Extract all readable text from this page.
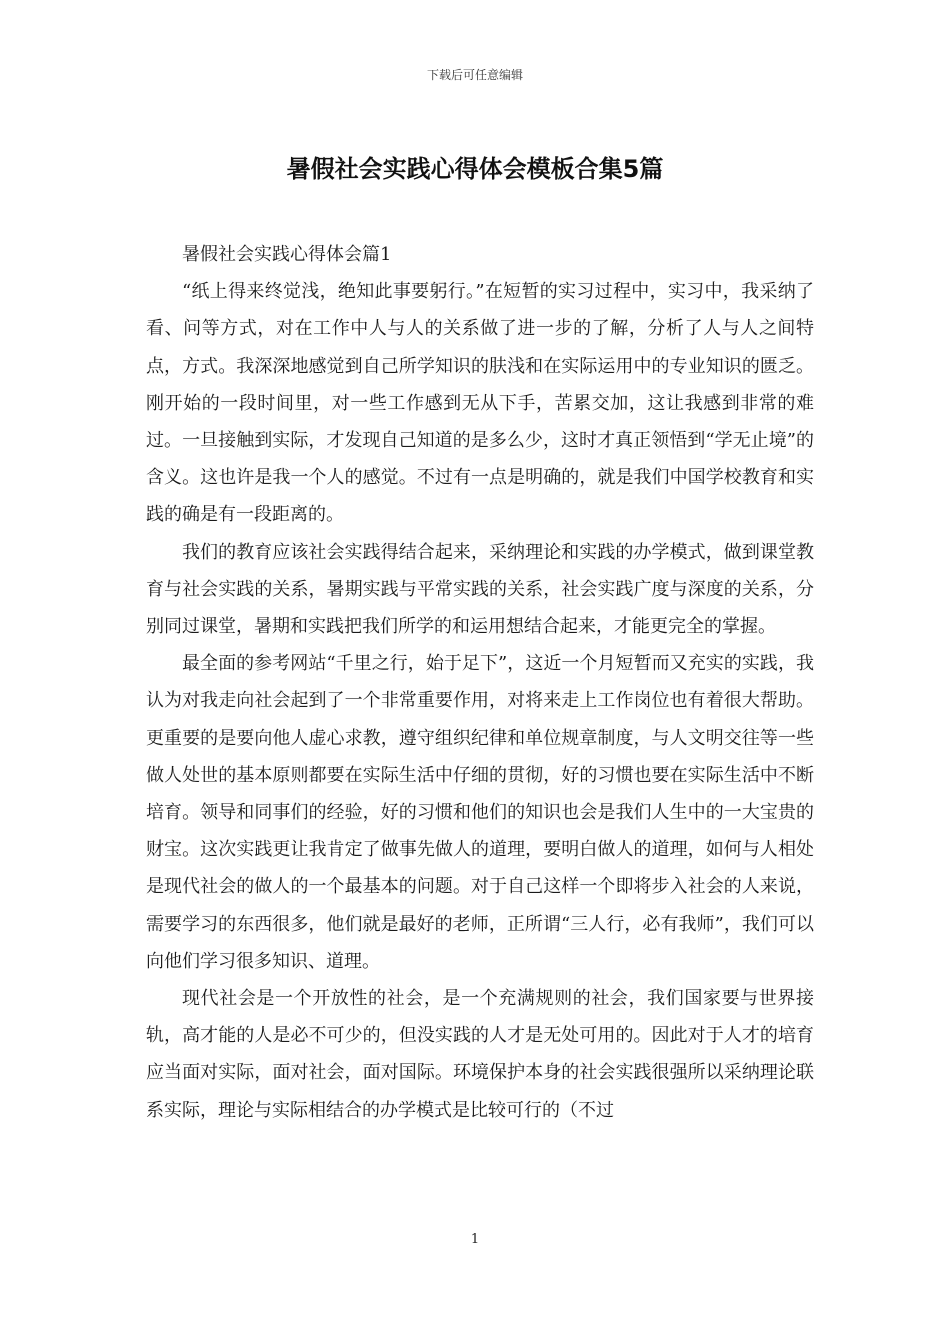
下载后可任意编辑
暑假社会实践心得体会模板合集5篇

暑假社会实践心得体会篇1

“纸上得来终觉浅，绝知此事要躬行。”在短暂的实习过程中，实习中，我采纳了看、问等方式，对在工作中人与人的关系做了进一步的了解，分析了人与人之间特点，方式。我深深地感觉到自己所学知识的肤浅和在实际运用中的专业知识的匮乏。刚开始的一段时间里，对一些工作感到无从下手，苦累交加，这让我感到非常的难过。一旦接触到实际，才发现自己知道的是多么少，这时才真正领悟到“学无止境”的含义。这也许是我一个人的感觉。不过有一点是明确的，就是我们中国学校教育和实践的确是有一段距离的。

我们的教育应该社会实践得结合起来，采纳理论和实践的办学模式，做到课堂教育与社会实践的关系，暑期实践与平常实践的关系，社会实践广度与深度的关系，分别同过课堂，暑期和实践把我们所学的和运用想结合起来，才能更完全的掌握。

最全面的参考网站“千里之行，始于足下”，这近一个月短暂而又充实的实践，我认为对我走向社会起到了一个非常重要作用，对将来走上工作岗位也有着很大帮助。更重要的是要向他人虚心求教，遵守组织纪律和单位规章制度，与人文明交往等一些做人处世的基本原则都要在实际生活中仔细的贯彻，好的习惯也要在实际生活中不断培育。领导和同事们的经验，好的习惯和他们的知识也会是我们人生中的一大宝贵的财宝。这次实践更让我肯定了做事先做人的道理，要明白做人的道理，如何与人相处是现代社会的做人的一个最基本的问题。对于自己这样一个即将步入社会的人来说，需要学习的东西很多，他们就是最好的老师，正所谓“三人行，必有我师”，我们可以向他们学习很多知识、道理。

现代社会是一个开放性的社会，是一个充满规则的社会，我们国家要与世界接轨，高才能的人是必不可少的，但没实践的人才是无处可用的。因此对于人才的培育应当面对实际，面对社会，面对国际。环境保护本身的社会实践很强所以采纳理论联系实际，理论与实际相结合的办学模式是比较可行的（不过

1
